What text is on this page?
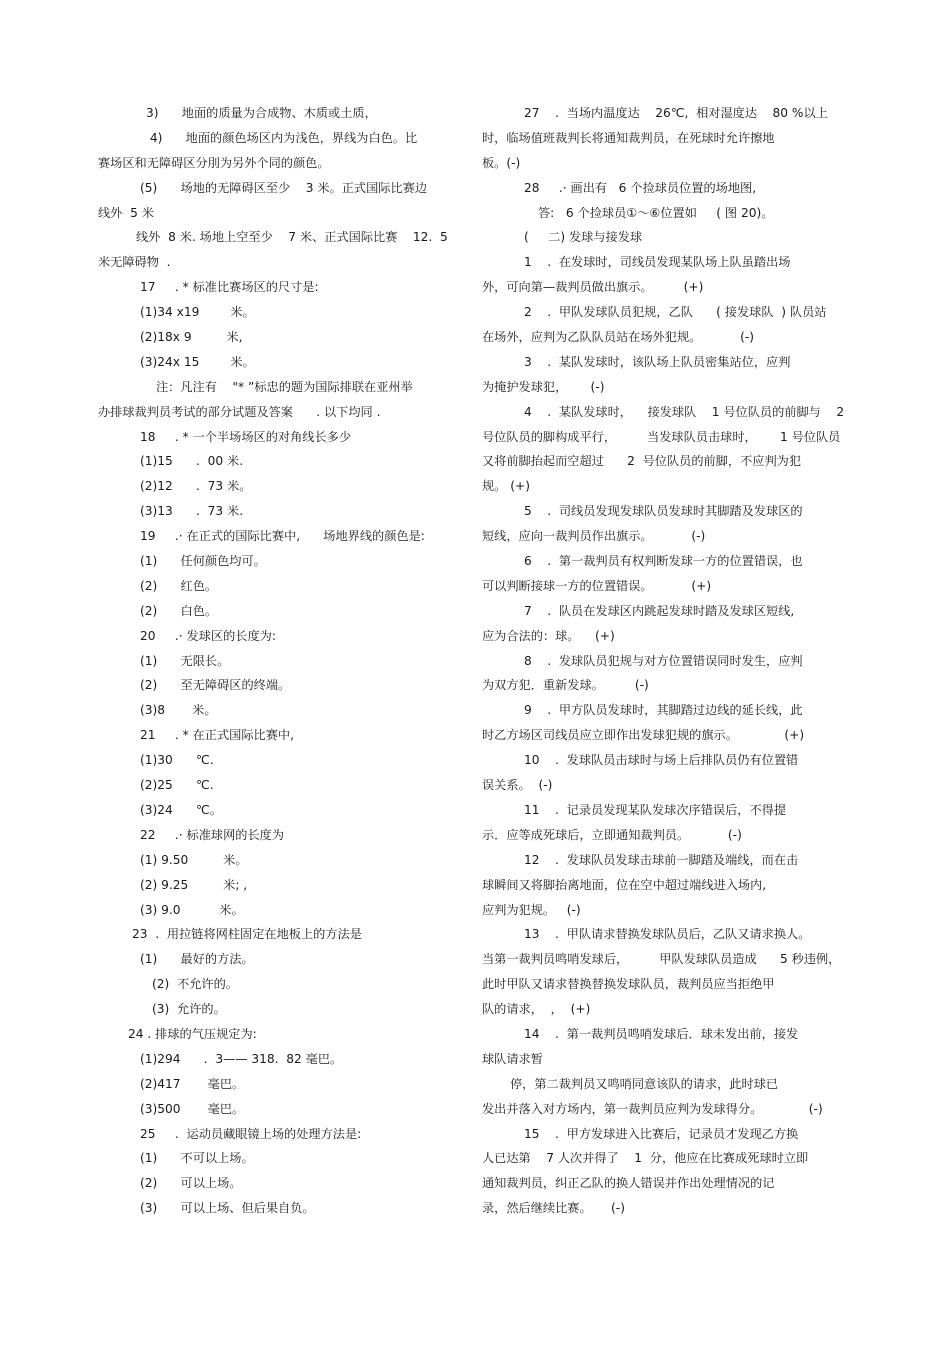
3)      地面的质量为合成物、木质或土质，
4)      地面的颜色场区内为浅色，界线为白色。比
赛场区和无障碍区分刖为另外个同的颜色。
(5)      场地的无障碍区至少    3 米。正式国际比赛边
线外  5 米
线外  8 米. 场地上空至少    7 米、正式国际比赛    12.  5
米无障碍物  .
17     . * 标准比赛场区的尺寸是:
(1)34 x19        米。
(2)18x 9         米,
(3)24x 15        米。
注：凡注有    "* ”标忠的题为国际排联在亚州举
办排球裁判员考试的部分试题及答案      . 以下均同 .
18     . * 一个半场场区的对角线长多少
(1)15      .  00 米.
(2)12      .  73 米。
(3)13      .  73 米.
19     .· 在正式的国际比赛中,      场地界线的颜色是:
(1)      任何颜色均可。
(2)      红色。
(2)      白色。
20     .· 发球区的长度为:
(1)      无限长。
(2)      至无障碍区的终端。
(3)8       米。
21     . * 在正式国际比赛中,
(1)30      ℃.
(2)25      ℃.
(3)24      ℃。
22     .· 标准球网的长度为
(1) 9.50         米。
(2) 9.25         米; ,
(3) 9.0          米。
23  .  用拉链将网柱固定在地板上的方法是
(1)      最好的方法。
(2)  不允许的。
(3)  允许的。
24 . 排球的气压规定为:
(1)294      .  3—— 318.  82 毫巴。
(2)417       毫巴。
(3)500       毫巴。
25     .  运动员藏眼镜上场的处理方法是:
(1)      不可以上场。
(2)      可以上场。
(3)      可以上场、但后果自负。
27    .  当场内温度达    26℃,  相对湿度达    80 %以上
时，临场值班裁判长将通知裁判员，在死球时允许擦地
板。(-)
28     .· 画出有   6 个捡球员位置的场地图,
答:   6 个捡球员①～⑥位置如     ( 图 20)。
(     二) 发球与接发球
1    .  在发球时，司线员发现某队场上队虽踏出场
外，可向第—裁判员做出旗示。        (+)
2    .  甲队发球队员犯规，乙队      ( 接发球队  ) 队员站
在场外，应判为乙队队员站在场外犯规。          (-)
3    .  某队发球时，该队场上队员密集站位，应判
为掩护发球犯，      (-)
4    .  某队发球时，    接发球队    1 号位队员的前脚与    2
号位队员的脚构成平行，        当发球队员击球时，      1 号位队员
又将前脚抬起而空超过      2  号位队员的前脚，不应判为犯
规。 (+)
5    .  司线员发现发球队员发球时其脚踏及发球区的
短线，应向一裁判员作出旗示。          (-)
6    .  第一裁判员有权判断发球一方的位置错误，也
可以判断接球一方的位置错误。          (+)
7    .  队员在发球区内跳起发球时踏及发球区短线,
应为合法的：球。    (+)
8    .  发球队员犯规与对方位置错误同时发生，应判
为双方犯．重新发球。        (-)
9    .  甲方队员发球时，其脚踏过边线的延长线，此
时乙方场区司线员应立即作出发球犯规的旗示。            (+)
10    .  发球队员击球时与场上后排队员仍有位置错
误关系。  (-)
11    .  记录员发现某队发球次序错误后，不得提
示．应等成死球后，立即通知裁判员。          (-)
12    .  发球队员发球击球前一脚踏及端线，而在击
球瞬间又将脚抬离地面，位在空中超过端线进入场内,
应判为犯规。   (-)
13    .  甲队请求替换发球队员后，乙队又请求换人。
当第一裁判员鸣哨发球后，        甲队发球队员造成      5 秒违例，
此时甲队又请求替换替换发球队员，裁判员应当拒绝甲
队的请求，  ，  (+)
14    .  第一裁判员鸣哨发球后．球未发出前，接发
球队请求暂
停，第二裁判员又鸣哨同意该队的请求，此时球已
发出并落入对方场内，第一裁判员应判为发球得分。            (-)
15    .  甲方发球进入比赛后，记录员才发现乙方换
人已达第    7 人次并得了    1  分，他应在比赛成死球时立即
通知裁判员，纠正乙队的换人错误并作出处理情况的记
录，然后继续比赛。     (-)
